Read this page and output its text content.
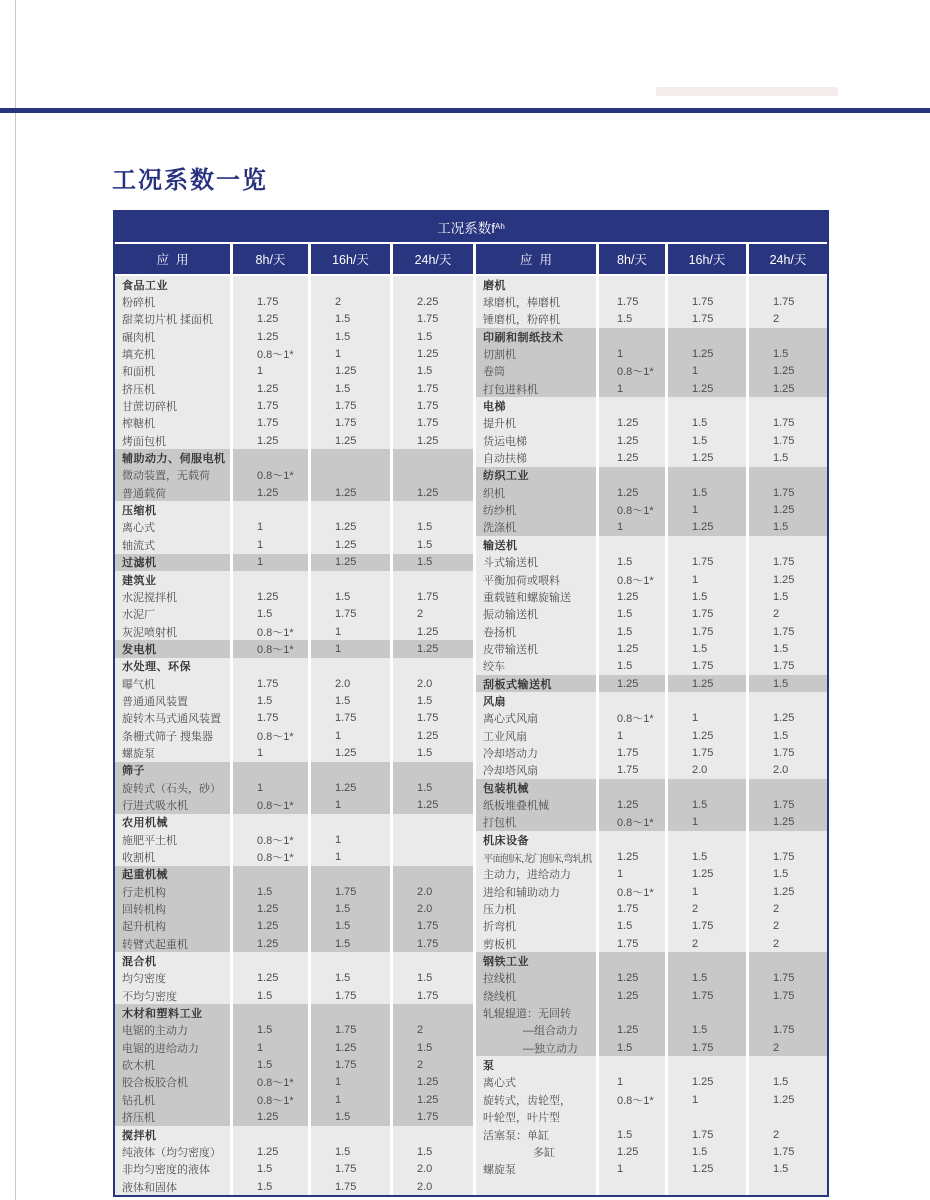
工况系数一览
工况系数f Ah
应  用	8h/天	16h/天	24h/天	应  用	8h/天	16h/天	24h/天
食品工业
粉碎机	1.75	2	2.25
甜菜切片机 揉面机	1.25	1.5	1.75
碾肉机	1.25	1.5	1.5
填充机	0.8～1*	1	1.25
和面机	1	1.25	1.5
挤压机	1.25	1.5	1.75
甘蔗切碎机	1.75	1.75	1.75
榨糖机	1.75	1.75	1.75
烤面包机	1.25	1.25	1.25
辅助动力、伺服电机
微动装置，无载荷	0.8～1*
普通载荷	1.25	1.25	1.25
压缩机
离心式	1	1.25	1.5
轴流式	1	1.25	1.5
过滤机	1	1.25	1.5
建筑业
水泥搅拌机	1.25	1.5	1.75
水泥厂	1.5	1.75	2
灰泥喷射机	0.8～1*	1	1.25
发电机	0.8～1*	1	1.25
水处理、环保
曝气机	1.75	2.0	2.0
普通通风装置	1.5	1.5	1.5
旋转木马式通风装置	1.75	1.75	1.75
条栅式筛子 搜集器	0.8～1*	1	1.25
螺旋泵	1	1.25	1.5
筛子
旋转式（石头，砂）	1	1.25	1.5
行进式吸水机	0.8～1*	1	1.25
农用机械
施肥平土机	0.8～1*	1
收割机	0.8～1*	1
起重机械
行走机构	1.5	1.75	2.0
回转机构	1.25	1.5	2.0
起升机构	1.25	1.5	1.75
转臂式起重机	1.25	1.5	1.75
混合机
均匀密度	1.25	1.5	1.5
不均匀密度	1.5	1.75	1.75
木材和塑料工业
电锯的主动力	1.5	1.75	2
电锯的进给动力	1	1.25	1.5
砍木机	1.5	1.75	2
胶合板胶合机	0.8～1*	1	1.25
钻孔机	0.8～1*	1	1.25
挤压机	1.25	1.5	1.75
搅拌机
纯液体（均匀密度）	1.25	1.5	1.5
非均匀密度的液体	1.5	1.75	2.0
液体和固体	1.5	1.75	2.0
磨机
球磨机，棒磨机	1.75	1.75	1.75
锤磨机，粉碎机	1.5	1.75	2
印刷和制纸技术
切割机	1	1.25	1.5
卷筒	0.8～1*	1	1.25
打包进料机	1	1.25	1.25
电梯
提升机	1.25	1.5	1.75
货运电梯	1.25	1.5	1.75
自动扶梯	1.25	1.25	1.5
纺织工业
织机	1.25	1.5	1.75
纺纱机	0.8～1*	1	1.25
洗涤机	1	1.25	1.5
输送机
斗式输送机	1.5	1.75	1.75
平衡加荷或喂料	0.8～1*	1	1.25
重载链和螺旋输送	1.25	1.5	1.5
振动输送机	1.5	1.75	2
卷扬机	1.5	1.75	1.75
皮带输送机	1.25	1.5	1.5
绞车	1.5	1.75	1.75
刮板式输送机	1.25	1.25	1.5
风扇
离心式风扇	0.8～1*	1	1.25
工业风扇	1	1.25	1.5
冷却塔动力	1.75	1.75	1.75
冷却塔风扇	1.75	2.0	2.0
包装机械
纸板堆叠机械	1.25	1.5	1.75
打包机	0.8～1*	1	1.25
机床设备
平面刨床,龙门刨床,弯轧机	1.25	1.5	1.75
主动力，进给动力	1	1.25	1.5
进给和辅助动力	0.8～1*	1	1.25
压力机	1.75	2	2
折弯机	1.5	1.75	2
剪板机	1.75	2	2
钢铁工业
拉线机	1.25	1.5	1.75
绕线机	1.25	1.75	1.75
轧辊辊道：无回转
—组合动力	1.25	1.5	1.75
—独立动力	1.5	1.75	2
泵
离心式	1	1.25	1.5
旋转式，齿轮型，	0.8～1*	1	1.25
叶轮型，叶片型
活塞泵：单缸	1.5	1.75	2
多缸	1.25	1.5	1.75
螺旋泵	1	1.25	1.5
